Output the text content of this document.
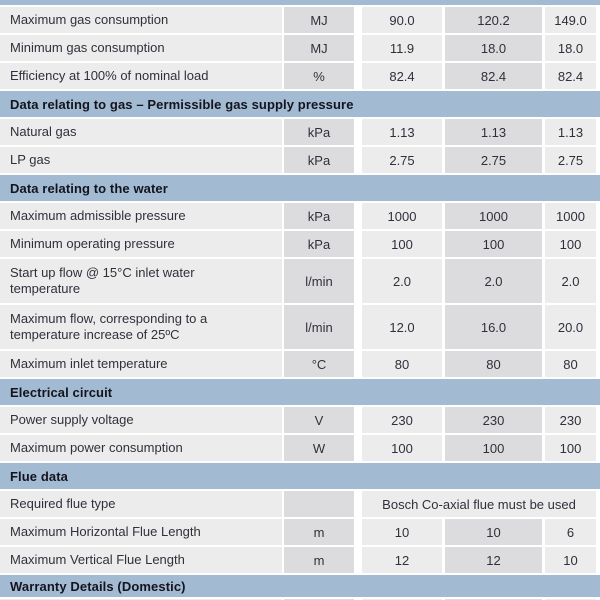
Maximum gas consumption	MJ	90.0	120.2	149.0
Minimum gas consumption	MJ	11.9	18.0	18.0
Efficiency at 100% of nominal load	%	82.4	82.4	82.4
Data relating to gas – Permissible gas supply pressure
Natural gas	kPa	1.13	1.13	1.13
LP gas	kPa	2.75	2.75	2.75
Data relating to the water
Maximum admissible pressure	kPa	1000	1000	1000
Minimum operating pressure	kPa	100	100	100
Start up flow @ 15°C inlet water temperature	l/min	2.0	2.0	2.0
Maximum flow, corresponding to a temperature increase of 25ºC	l/min	12.0	16.0	20.0
Maximum inlet temperature	°C	80	80	80
Electrical circuit
Power supply voltage	V	230	230	230
Maximum power consumption	W	100	100	100
Flue data
Required flue type	Bosch Co-axial flue must be used
Maximum Horizontal Flue Length	m	10	10	6
Maximum Vertical Flue Length	m	12	12	10
Warranty Details (Domestic)
